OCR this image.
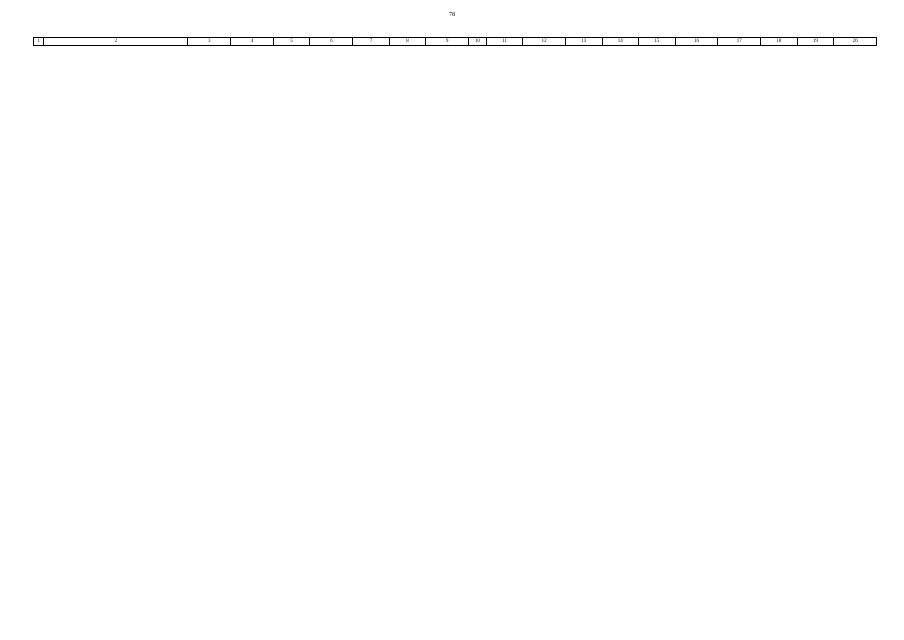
78
1	2	3	4	5	6	7	8	9	10	11	12	13	14	15	16	17	18	19	20
